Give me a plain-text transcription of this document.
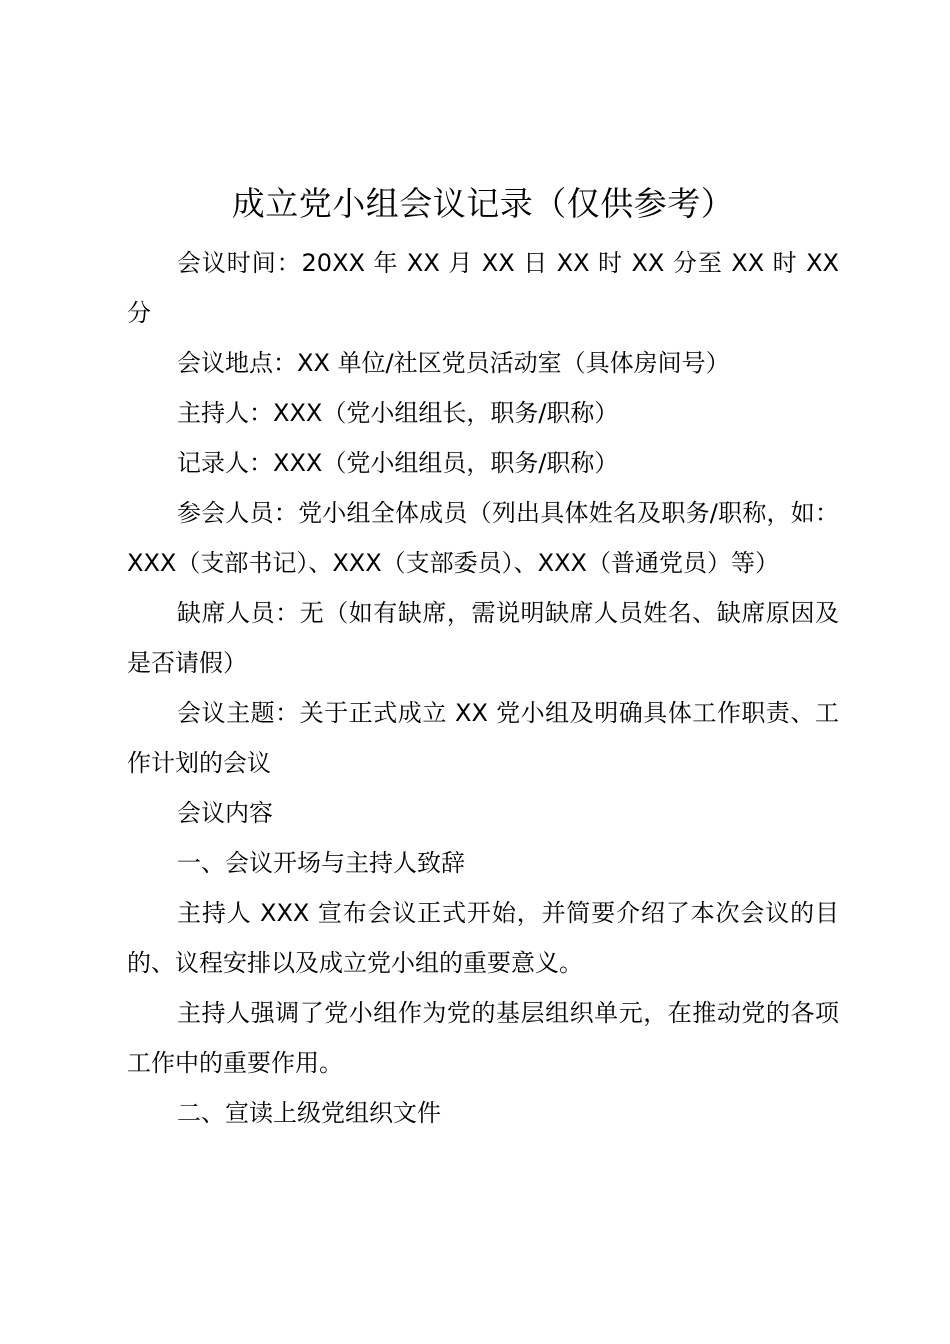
成立党小组会议记录（仅供参考）

会议时间：20XX 年 XX 月 XX 日 XX 时 XX 分至 XX 时 XX 分

会议地点：XX 单位/社区党员活动室（具体房间号）

主持人：XXX（党小组组长，职务/职称）

记录人：XXX（党小组组员，职务/职称）

参会人员：党小组全体成员（列出具体姓名及职务/职称，如：XXX（支部书记）、XXX（支部委员）、XXX（普通党员）等）

缺席人员：无（如有缺席，需说明缺席人员姓名、缺席原因及是否请假）

会议主题：关于正式成立 XX 党小组及明确具体工作职责、工作计划的会议

会议内容

一、会议开场与主持人致辞

主持人 XXX 宣布会议正式开始，并简要介绍了本次会议的目的、议程安排以及成立党小组的重要意义。

主持人强调了党小组作为党的基层组织单元，在推动党的各项工作中的重要作用。

二、宣读上级党组织文件
